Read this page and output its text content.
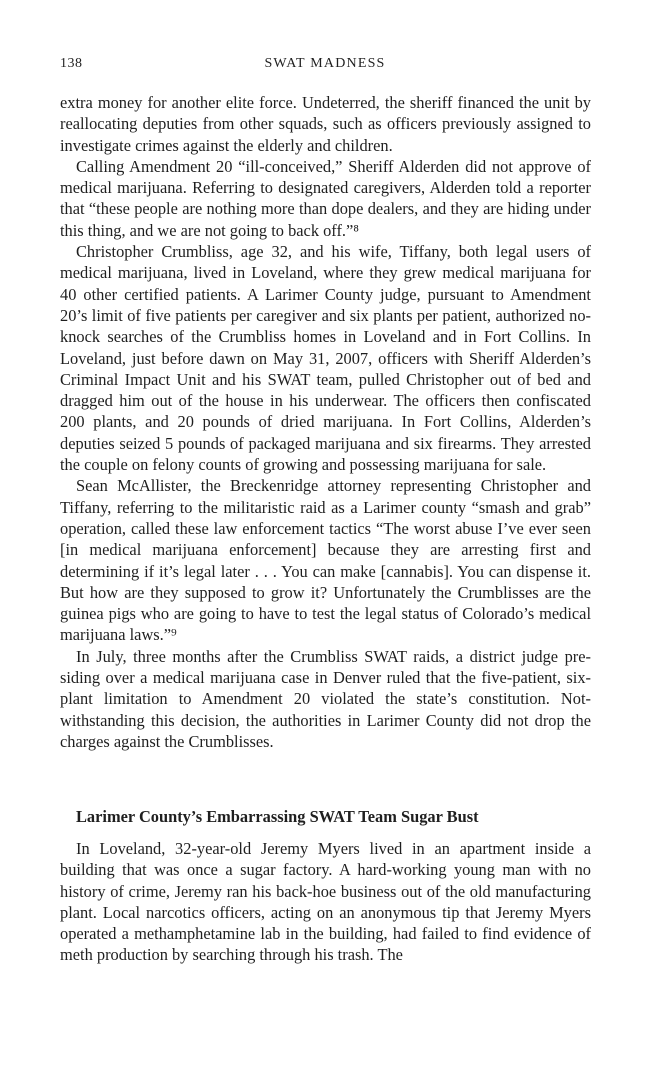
138	SWAT MADNESS

extra money for another elite force. Undeterred, the sheriff financed the unit by reallocating deputies from other squads, such as officers previously assigned to investigate crimes against the elderly and children.

Calling Amendment 20 “ill-conceived,” Sheriff Alderden did not approve of medical marijuana. Referring to designated caregivers, Alderden told a reporter that “these people are nothing more than dope dealers, and they are hiding under this thing, and we are not going to back off.”⁸

Christopher Crumbliss, age 32, and his wife, Tiffany, both legal users of medical marijuana, lived in Loveland, where they grew medical marijuana for 40 other certified patients. A Larimer County judge, pursuant to Amendment 20’s limit of five patients per caregiver and six plants per patient, authorized no-knock searches of the Crumbliss homes in Loveland and in Fort Collins. In Loveland, just before dawn on May 31, 2007, officers with Sheriff Alderden’s Criminal Impact Unit and his SWAT team, pulled Christopher out of bed and dragged him out of the house in his underwear. The officers then confiscated 200 plants, and 20 pounds of dried marijuana. In Fort Collins, Alderden’s deputies seized 5 pounds of packaged marijuana and six firearms. They arrested the couple on felony counts of growing and possessing marijuana for sale.

Sean McAllister, the Breckenridge attorney representing Christopher and Tiffany, referring to the militaristic raid as a Larimer county “smash and grab” operation, called these law enforcement tactics “The worst abuse I’ve ever seen [in medical marijuana enforcement] because they are arresting first and determining if it’s legal later . . . You can make [cannabis]. You can dispense it. But how are they supposed to grow it? Unfortunately the Crumblisses are the guinea pigs who are going to have to test the legal status of Colorado’s medical marijuana laws.”⁹

In July, three months after the Crumbliss SWAT raids, a district judge presiding over a medical marijuana case in Denver ruled that the five-patient, six-plant limitation to Amendment 20 violated the state’s constitution. Notwithstanding this decision, the authorities in Larimer County did not drop the charges against the Crumblisses.

Larimer County’s Embarrassing SWAT Team Sugar Bust

In Loveland, 32-year-old Jeremy Myers lived in an apartment inside a building that was once a sugar factory. A hard-working young man with no history of crime, Jeremy ran his back-hoe business out of the old manufacturing plant. Local narcotics officers, acting on an anonymous tip that Jeremy Myers operated a methamphetamine lab in the building, had failed to find evidence of meth production by searching through his trash. The
